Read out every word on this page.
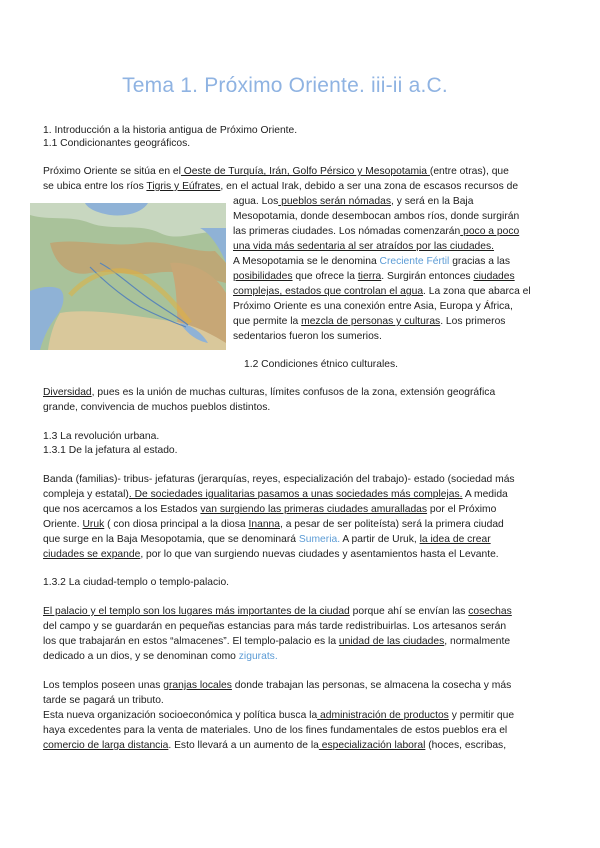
Tema 1. Próximo Oriente. iii-ii a.C.
1. Introducción a la historia antigua de Próximo Oriente.
1.1 Condicionantes geográficos.
Próximo Oriente se sitúa en el Oeste de Turquía, Irán, Golfo Pérsico y Mesopotamia (entre otras), que
se ubica entre los ríos Tigris y Eúfrates, en el actual Irak, debido a ser una zona de escasos recursos de
agua. Los pueblos serán nómadas, y será en la Baja
Mesopotamia, donde desembocan ambos ríos, donde surgirán
las primeras ciudades. Los nómadas comenzarán poco a poco
una vida más sedentaria al ser atraídos por las ciudades.
A Mesopotamia se le denomina Creciente Fértil gracias a las
posibilidades que ofrece la tierra. Surgirán entonces ciudades
complejas, estados que controlan el agua. La zona que abarca el
Próximo Oriente es una conexión entre Asia, Europa y África,
que permite la mezcla de personas y culturas. Los primeros
sedentarios fueron los sumerios.
1.2 Condiciones étnico culturales.
Diversidad, pues es la unión de muchas culturas, límites confusos de la zona, extensión geográfica
grande, convivencia de muchos pueblos distintos.
1.3 La revolución urbana.
1.3.1 De la jefatura al estado.
Banda (familias)- tribus- jefaturas (jerarquías, reyes, especialización del trabajo)- estado (sociedad más
compleja y estatal). De sociedades igualitarias pasamos a unas sociedades más complejas. A medida
que nos acercamos a los Estados van surgiendo las primeras ciudades amuralladas por el Próximo
Oriente. Uruk ( con diosa principal a la diosa Inanna, a pesar de ser politeísta) será la primera ciudad
que surge en la Baja Mesopotamia, que se denominará Sumeria. A partir de Uruk, la idea de crear
ciudades se expande, por lo que van surgiendo nuevas ciudades y asentamientos hasta el Levante.
1.3.2 La ciudad-templo o templo-palacio.
El palacio y el templo son los lugares más importantes de la ciudad porque ahí se envían las cosechas
del campo y se guardarán en pequeñas estancias para más tarde redistribuirlas. Los artesanos serán
los que trabajarán en estos “almacenes”. El templo-palacio es la unidad de las ciudades, normalmente
dedicado a un dios, y se denominan como zigurats.
Los templos poseen unas granjas locales donde trabajan las personas, se almacena la cosecha y más
tarde se pagará un tributo.
Esta nueva organización socioeconómica y política busca la administración de productos y permitir que
haya excedentes para la venta de materiales. Uno de los fines fundamentales de estos pueblos era el
comercio de larga distancia. Esto llevará a un aumento de la especialización laboral (hoces, escribas,
